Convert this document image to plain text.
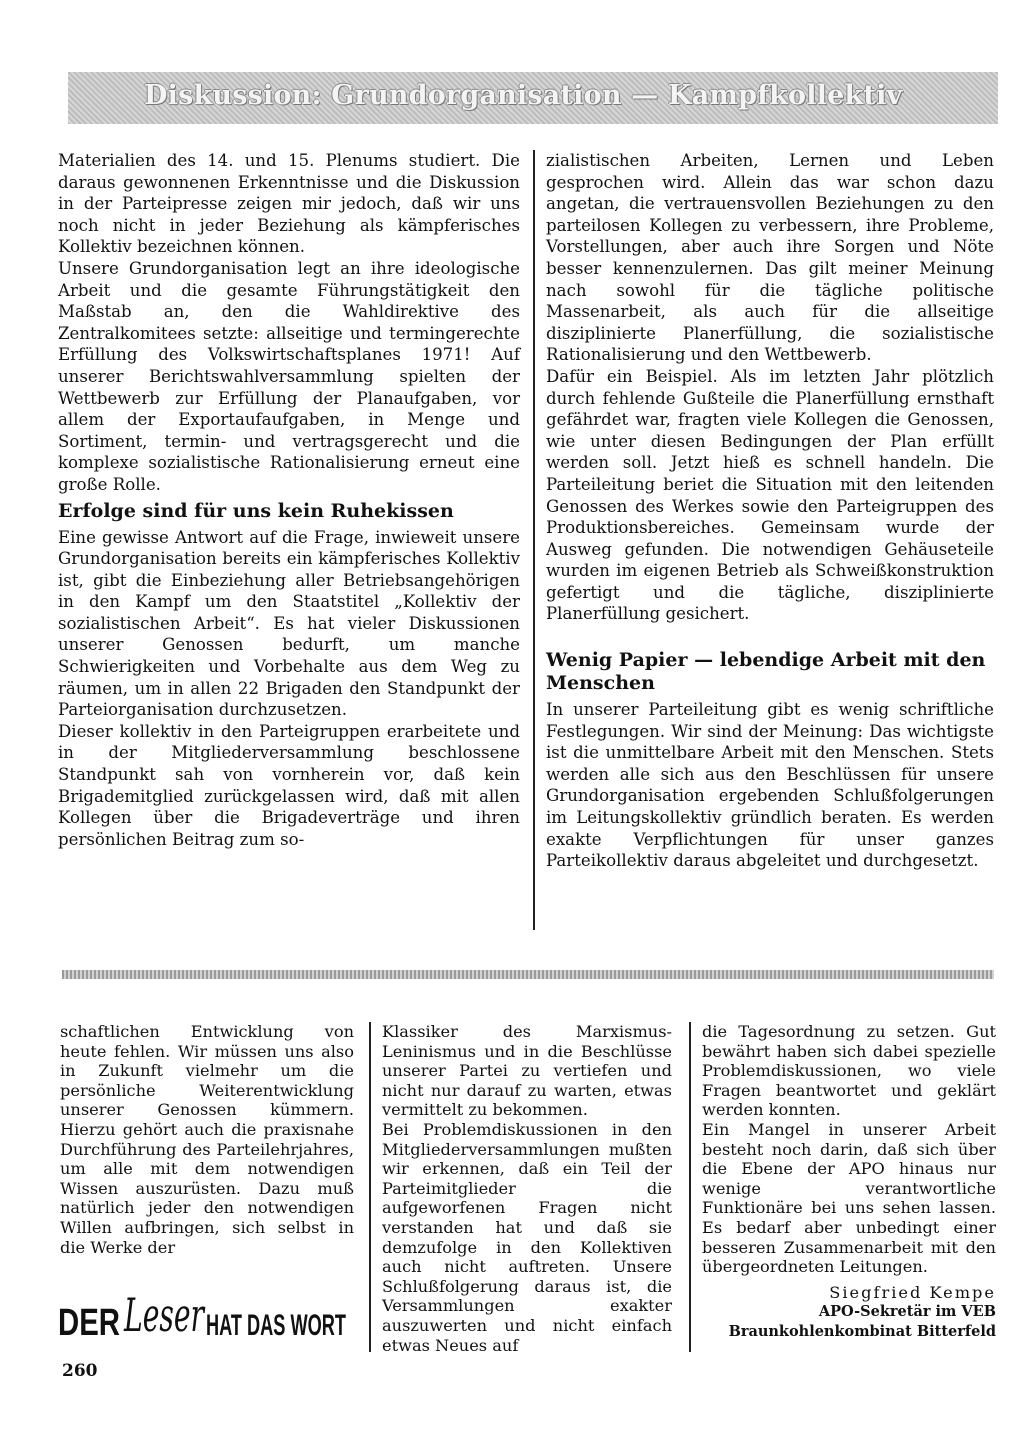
Diskussion: Grundorganisation — Kampfkollektiv

Materialien des 14. und 15. Plenums studiert. Die daraus gewonnenen Erkenntnisse und die Diskussion in der Parteipresse zeigen mir jedoch, daß wir uns noch nicht in jeder Beziehung als kämpferisches Kollektiv bezeichnen können.

Unsere Grundorganisation legt an ihre ideologische Arbeit und die gesamte Führungstätigkeit den Maßstab an, den die Wahldirektive des Zentralkomitees setzte: allseitige und termingerechte Erfüllung des Volkswirtschaftsplanes 1971! Auf unserer Berichtswahlversammlung spielten der Wettbewerb zur Erfüllung der Planaufgaben, vor allem der Exportaufaufgaben, in Menge und Sortiment, termin- und vertragsgerecht und die komplexe sozialistische Rationalisierung erneut eine große Rolle.

Erfolge sind für uns kein Ruhekissen

Eine gewisse Antwort auf die Frage, inwieweit unsere Grundorganisation bereits ein kämpferisches Kollektiv ist, gibt die Einbeziehung aller Betriebsangehörigen in den Kampf um den Staatstitel „Kollektiv der sozialistischen Arbeit“. Es hat vieler Diskussionen unserer Genossen bedurft, um manche Schwierigkeiten und Vorbehalte aus dem Weg zu räumen, um in allen 22 Brigaden den Standpunkt der Parteiorganisation durchzusetzen.

Dieser kollektiv in den Parteigruppen erarbeitete und in der Mitgliederversammlung beschlossene Standpunkt sah von vornherein vor, daß kein Brigademitglied zurückgelassen wird, daß mit allen Kollegen über die Brigadeverträge und ihren persönlichen Beitrag zum so-

zialistischen Arbeiten, Lernen und Leben gesprochen wird. Allein das war schon dazu angetan, die vertrauensvollen Beziehungen zu den parteilosen Kollegen zu verbessern, ihre Probleme, Vorstellungen, aber auch ihre Sorgen und Nöte besser kennenzulernen. Das gilt meiner Meinung nach sowohl für die tägliche politische Massenarbeit, als auch für die allseitige disziplinierte Planerfüllung, die sozialistische Rationalisierung und den Wettbewerb.

Dafür ein Beispiel. Als im letzten Jahr plötzlich durch fehlende Gußteile die Planerfüllung ernsthaft gefährdet war, fragten viele Kollegen die Genossen, wie unter diesen Bedingungen der Plan erfüllt werden soll. Jetzt hieß es schnell handeln. Die Parteileitung beriet die Situation mit den leitenden Genossen des Werkes sowie den Parteigruppen des Produktionsbereiches. Gemeinsam wurde der Ausweg gefunden. Die notwendigen Gehäuseteile wurden im eigenen Betrieb als Schweißkonstruktion gefertigt und die tägliche, disziplinierte Planerfüllung gesichert.

Wenig Papier — lebendige Arbeit mit den Menschen

In unserer Parteileitung gibt es wenig schriftliche Festlegungen. Wir sind der Meinung: Das wichtigste ist die unmittelbare Arbeit mit den Menschen. Stets werden alle sich aus den Beschlüssen für unsere Grundorganisation ergebenden Schlußfolgerungen im Leitungskollektiv gründlich beraten. Es werden exakte Verpflichtungen für unser ganzes Parteikollektiv daraus abgeleitet und durchgesetzt.

schaftlichen Entwicklung von heute fehlen. Wir müssen uns also in Zukunft vielmehr um die persönliche Weiterentwicklung unserer Genossen kümmern. Hierzu gehört auch die praxisnahe Durchführung des Parteilehrjahres, um alle mit dem notwendigen Wissen auszurüsten. Dazu muß natürlich jeder den notwendigen Willen aufbringen, sich selbst in die Werke der

Klassiker des Marxismus-Leninismus und in die Beschlüsse unserer Partei zu vertiefen und nicht nur darauf zu warten, etwas vermittelt zu bekommen.

Bei Problemdiskussionen in den Mitgliederversammlungen mußten wir erkennen, daß ein Teil der Parteimitglieder die aufgeworfenen Fragen nicht verstanden hat und daß sie demzufolge in den Kollektiven auch nicht auftreten. Unsere Schlußfolgerung daraus ist, die Versammlungen exakter auszuwerten und nicht einfach etwas Neues auf

die Tagesordnung zu setzen. Gut bewährt haben sich dabei spezielle Problemdiskussionen, wo viele Fragen beantwortet und geklärt werden konnten.

Ein Mangel in unserer Arbeit besteht noch darin, daß sich über die Ebene der APO hinaus nur wenige verantwortliche Funktionäre bei uns sehen lassen. Es bedarf aber unbedingt einer besseren Zusammenarbeit mit den übergeordneten Leitungen.

Siegfried Kempe

APO-Sekretär im VEB

Braunkohlenkombinat Bitterfeld

DER Leser HAT DAS WORT
260
